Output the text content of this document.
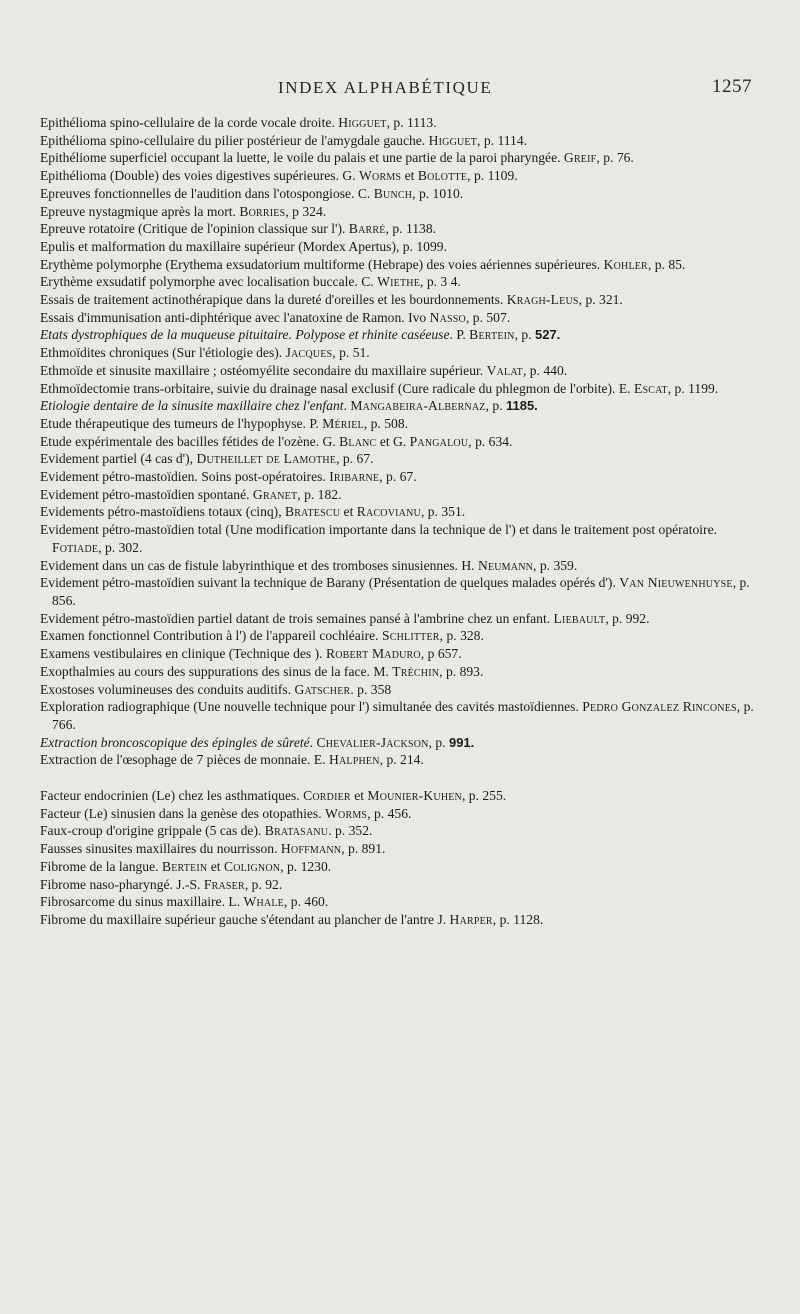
INDEX ALPHABÉTIQUE	1257

Epithélioma spino-cellulaire de la corde vocale droite. Higguet, p. 1113.

Epithélioma spino-cellulaire du pilier postérieur de l'amygdale gauche. Higguet, p. 1114.

Epithéliome superficiel occupant la luette, le voile du palais et une partie de la paroi pharyngée. Greif, p. 76.

Epithélioma (Double) des voies digestives supérieures. G. Worms et Bolotte, p. 1109.

Epreuves fonctionnelles de l'audition dans l'otospongiose. C. Bunch, p. 1010.

Epreuve nystagmique après la mort. Borries, p 324.

Epreuve rotatoire (Critique de l'opinion classique sur l'). Barré, p. 1138.

Epulis et malformation du maxillaire supérieur (Mordex Apertus), p. 1099.

Erythème polymorphe (Erythema exsudatorium multiforme (Hebrape) des voies aériennes supérieures. Kohler, p. 85.

Erythème exsudatif polymorphe avec localisation buccale. C. Wiethe, p. 3 4.

Essais de traitement actinothérapique dans la dureté d'oreilles et les bourdonnements. Kragh-Leus, p. 321.

Essais d'immunisation anti-diphtérique avec l'anatoxine de Ramon. Ivo Nasso, p. 507.

Etats dystrophiques de la muqueuse pituitaire. Polypose et rhinite caséeuse. P. Bertein, p. 527.

Ethmoïdites chroniques (Sur l'étiologie des). Jacques, p. 51.

Ethmoïde et sinusite maxillaire ; ostéomyélite secondaire du maxillaire supérieur. Valat, p. 440.

Ethmoïdectomie trans-orbitaire, suivie du drainage nasal exclusif (Cure radicale du phlegmon de l'orbite). E. Escat, p. 1199.

Etiologie dentaire de la sinusite maxillaire chez l'enfant. Mangabeira-Albernaz, p. 1185.

Etude thérapeutique des tumeurs de l'hypophyse. P. Mériel, p. 508.

Etude expérimentale des bacilles fétides de l'ozène. G. Blanc et G. Pangalou, p. 634.

Evidement partiel (4 cas d'), Dutheillet de Lamothe, p. 67.

Evidement pétro-mastoïdien. Soins post-opératoires. Iribarne, p. 67.

Evidement pétro-mastoïdien spontané. Granet, p. 182.

Evidements pétro-mastoïdiens totaux (cinq), Bratescu et Racovianu, p. 351.

Evidement pétro-mastoïdien total (Une modification importante dans la technique de l') et dans le traitement post opératoire. Fotiade, p. 302.

Evidement dans un cas de fistule labyrinthique et des tromboses sinusiennes. H. Neumann, p. 359.

Evidement pétro-mastoïdien suivant la technique de Barany (Présentation de quelques malades opérés d'). Van Nieuwenhuyse, p. 856.

Evidement pétro-mastoïdien partiel datant de trois semaines pansé à l'ambrine chez un enfant. Liebault, p. 992.

Examen fonctionnel Contribution à l') de l'appareil cochléaire. Schlitter, p. 328.

Examens vestibulaires en clinique (Technique des ). Robert Maduro, p 657.

Exopthalmies au cours des suppurations des sinus de la face. M. Tréchin, p. 893.

Exostoses volumineuses des conduits auditifs. Gatscher. p. 358

Exploration radiographique (Une nouvelle technique pour l') simultanée des cavités mastoïdiennes. Pedro Gonzalez Rincones, p. 766.

Extraction broncoscopique des épingles de sûreté. Chevalier-Jackson, p. 991.

Extraction de l'œsophage de 7 pièces de monnaie. E. Halphen, p. 214.

Facteur endocrinien (Le) chez les asthmatiques. Cordier et Mounier-Kuhen, p. 255.

Facteur (Le) sinusien dans la genèse des otopathies. Worms, p. 456.

Faux-croup d'origine grippale (5 cas de). Bratasanu. p. 352.

Fausses sinusites maxillaires du nourrisson. Hoffmann, p. 891.

Fibrome de la langue. Bertein et Colignon, p. 1230.

Fibrome naso-pharyngé. J.-S. Fraser, p. 92.

Fibrosarcome du sinus maxillaire. L. Whale, p. 460.

Fibrome du maxillaire supérieur gauche s'étendant au plancher de l'antre J. Harper, p. 1128.
